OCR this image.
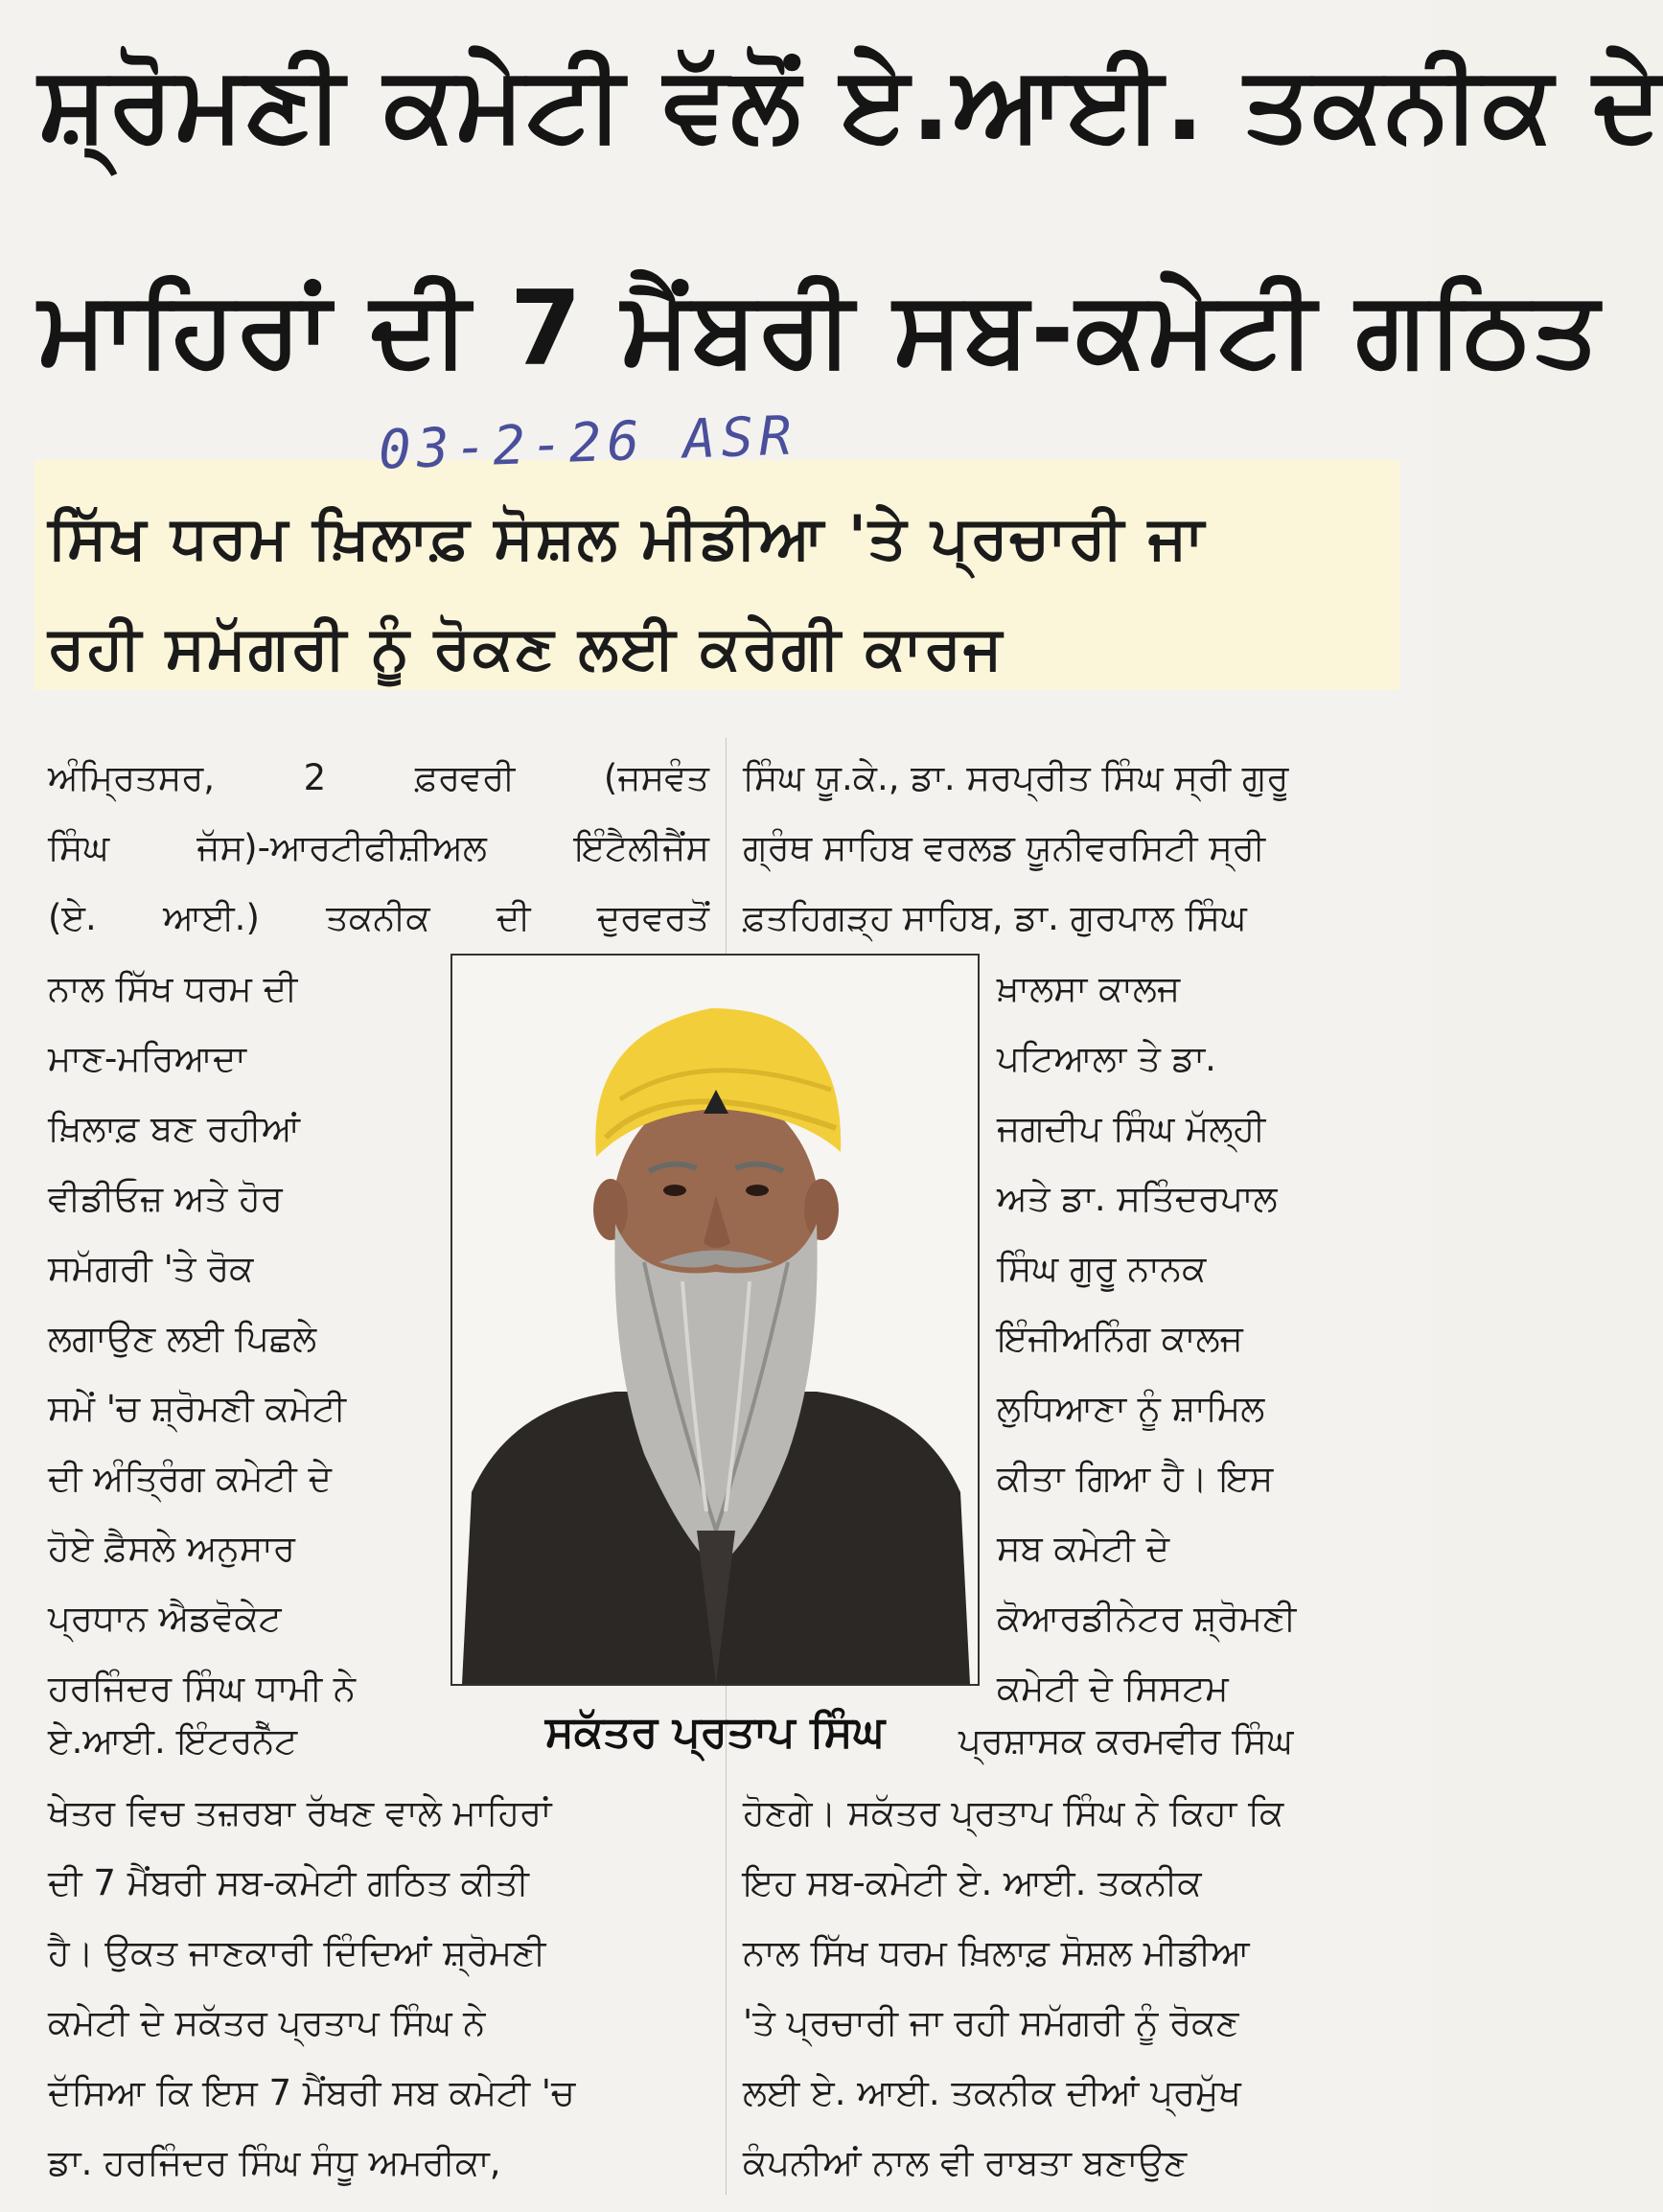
ਸ਼੍ਰੋਮਣੀ ਕਮੇਟੀ ਵੱਲੋਂ ਏ.ਆਈ. ਤਕਨੀਕ ਦੇ
ਮਾਹਿਰਾਂ ਦੀ 7 ਮੈਂਬਰੀ ਸਬ-ਕਮੇਟੀ ਗਠਿਤ
03-2-26 ASR
ਸਿੱਖ ਧਰਮ ਖ਼ਿਲਾਫ਼ ਸੋਸ਼ਲ ਮੀਡੀਆ 'ਤੇ ਪ੍ਰਚਾਰੀ ਜਾ
ਰਹੀ ਸਮੱਗਰੀ ਨੂੰ ਰੋਕਣ ਲਈ ਕਰੇਗੀ ਕਾਰਜ

ਅੰਮ੍ਰਿਤਸਰ, 2 ਫ਼ਰਵਰੀ (ਜਸਵੰਤ

ਸਿੰਘ ਜੱਸ)-ਆਰਟੀਫੀਸ਼ੀਅਲ ਇੰਟੈਲੀਜੈਂਸ

(ਏ. ਆਈ.) ਤਕਨੀਕ ਦੀ ਦੁਰਵਰਤੋਂ

ਨਾਲ ਸਿੱਖ ਧਰਮ ਦੀ

ਮਾਣ-ਮਰਿਆਦਾ

ਖ਼ਿਲਾਫ਼ ਬਣ ਰਹੀਆਂ

ਵੀਡੀਓਜ਼ ਅਤੇ ਹੋਰ

ਸਮੱਗਰੀ 'ਤੇ ਰੋਕ

ਲਗਾਉਣ ਲਈ ਪਿਛਲੇ

ਸਮੇਂ 'ਚ ਸ਼੍ਰੋਮਣੀ ਕਮੇਟੀ

ਦੀ ਅੰਤ੍ਰਿੰਗ ਕਮੇਟੀ ਦੇ

ਹੋਏ ਫ਼ੈਸਲੇ ਅਨੁਸਾਰ

ਪ੍ਰਧਾਨ ਐਡਵੋਕੇਟ

ਹਰਜਿੰਦਰ ਸਿੰਘ ਧਾਮੀ ਨੇ

ਸਿੰਘ ਯੂ.ਕੇ., ਡਾ. ਸਰਪ੍ਰੀਤ ਸਿੰਘ ਸ੍ਰੀ ਗੁਰੂ

ਗ੍ਰੰਥ ਸਾਹਿਬ ਵਰਲਡ ਯੂਨੀਵਰਸਿਟੀ ਸ੍ਰੀ

ਫ਼ਤਹਿਗੜ੍ਹ ਸਾਹਿਬ, ਡਾ. ਗੁਰਪਾਲ ਸਿੰਘ

ਖ਼ਾਲਸਾ ਕਾਲਜ

ਪਟਿਆਲਾ ਤੇ ਡਾ.

ਜਗਦੀਪ ਸਿੰਘ ਮੱਲ੍ਹੀ

ਅਤੇ ਡਾ. ਸਤਿੰਦਰਪਾਲ

ਸਿੰਘ ਗੁਰੂ ਨਾਨਕ

ਇੰਜੀਅਨਿੰਗ ਕਾਲਜ

ਲੁਧਿਆਣਾ ਨੂੰ ਸ਼ਾਮਿਲ

ਕੀਤਾ ਗਿਆ ਹੈ। ਇਸ

ਸਬ ਕਮੇਟੀ ਦੇ

ਕੋਆਰਡੀਨੇਟਰ ਸ਼੍ਰੋਮਣੀ

ਕਮੇਟੀ ਦੇ ਸਿਸਟਮ

ਏ.ਆਈ. ਇੰਟਰਨੈੱਟ	ਸਕੱਤਰ ਪ੍ਰਤਾਪ ਸਿੰਘ	ਪ੍ਰਸ਼ਾਸਕ ਕਰਮਵੀਰ ਸਿੰਘ

ਖੇਤਰ ਵਿਚ ਤਜ਼ਰਬਾ ਰੱਖਣ ਵਾਲੇ ਮਾਹਿਰਾਂ

ਦੀ 7 ਮੈਂਬਰੀ ਸਬ-ਕਮੇਟੀ ਗਠਿਤ ਕੀਤੀ

ਹੈ। ਉਕਤ ਜਾਣਕਾਰੀ ਦਿੰਦਿਆਂ ਸ਼੍ਰੋਮਣੀ

ਕਮੇਟੀ ਦੇ ਸਕੱਤਰ ਪ੍ਰਤਾਪ ਸਿੰਘ ਨੇ

ਦੱਸਿਆ ਕਿ ਇਸ 7 ਮੈਂਬਰੀ ਸਬ ਕਮੇਟੀ 'ਚ

ਡਾ. ਹਰਜਿੰਦਰ ਸਿੰਘ ਸੰਧੂ ਅਮਰੀਕਾ,

ਹੋਣਗੇ। ਸਕੱਤਰ ਪ੍ਰਤਾਪ ਸਿੰਘ ਨੇ ਕਿਹਾ ਕਿ

ਇਹ ਸਬ-ਕਮੇਟੀ ਏ. ਆਈ. ਤਕਨੀਕ

ਨਾਲ ਸਿੱਖ ਧਰਮ ਖ਼ਿਲਾਫ਼ ਸੋਸ਼ਲ ਮੀਡੀਆ

'ਤੇ ਪ੍ਰਚਾਰੀ ਜਾ ਰਹੀ ਸਮੱਗਰੀ ਨੂੰ ਰੋਕਣ

ਲਈ ਏ. ਆਈ. ਤਕਨੀਕ ਦੀਆਂ ਪ੍ਰਮੁੱਖ

ਕੰਪਨੀਆਂ ਨਾਲ ਵੀ ਰਾਬਤਾ ਬਣਾਉਣ
